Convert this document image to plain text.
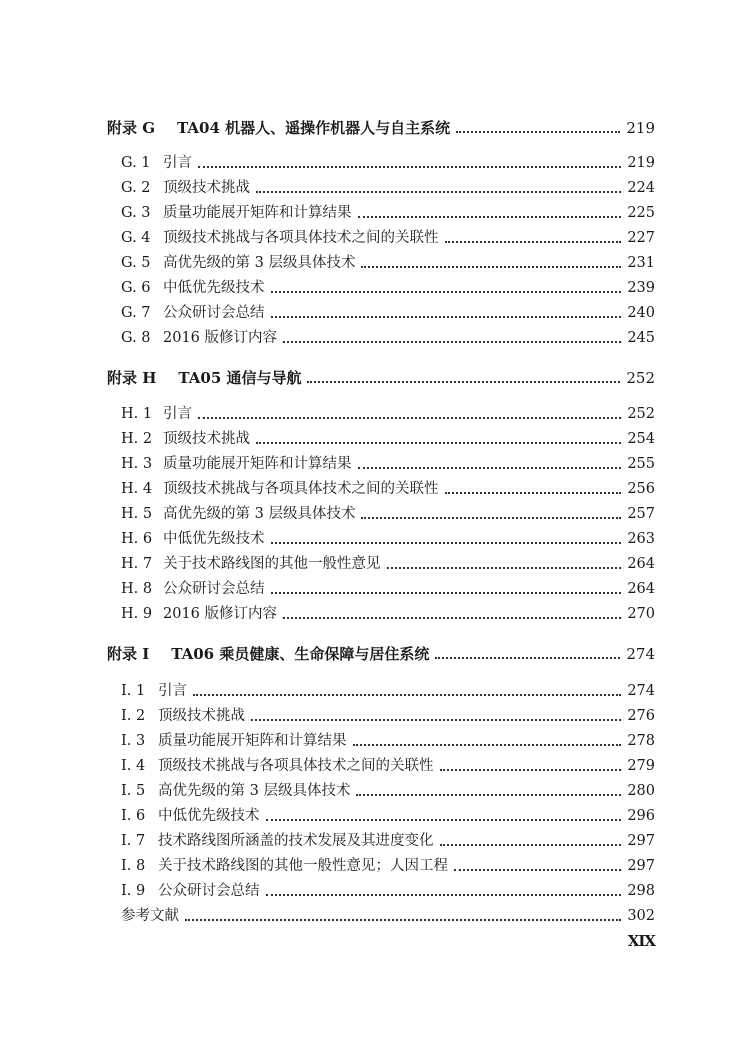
附录 G TA04 机器人、遥操作机器人与自主系统	219
G. 1 引言	219
G. 2 顶级技术挑战	224
G. 3 质量功能展开矩阵和计算结果	225
G. 4 顶级技术挑战与各项具体技术之间的关联性	227
G. 5 高优先级的第 3 层级具体技术	231
G. 6 中低优先级技术	239
G. 7 公众研讨会总结	240
G. 8 2016 版修订内容	245
附录 H TA05 通信与导航	252
H. 1 引言	252
H. 2 顶级技术挑战	254
H. 3 质量功能展开矩阵和计算结果	255
H. 4 顶级技术挑战与各项具体技术之间的关联性	256
H. 5 高优先级的第 3 层级具体技术	257
H. 6 中低优先级技术	263
H. 7 关于技术路线图的其他一般性意见	264
H. 8 公众研讨会总结	264
H. 9 2016 版修订内容	270
附录 I TA06 乘员健康、生命保障与居住系统	274
I. 1 引言	274
I. 2 顶级技术挑战	276
I. 3 质量功能展开矩阵和计算结果	278
I. 4 顶级技术挑战与各项具体技术之间的关联性	279
I. 5 高优先级的第 3 层级具体技术	280
I. 6 中低优先级技术	296
I. 7 技术路线图所涵盖的技术发展及其进度变化	297
I. 8 关于技术路线图的其他一般性意见；人因工程	297
I. 9 公众研讨会总结	298
参考文献	302
XIX
